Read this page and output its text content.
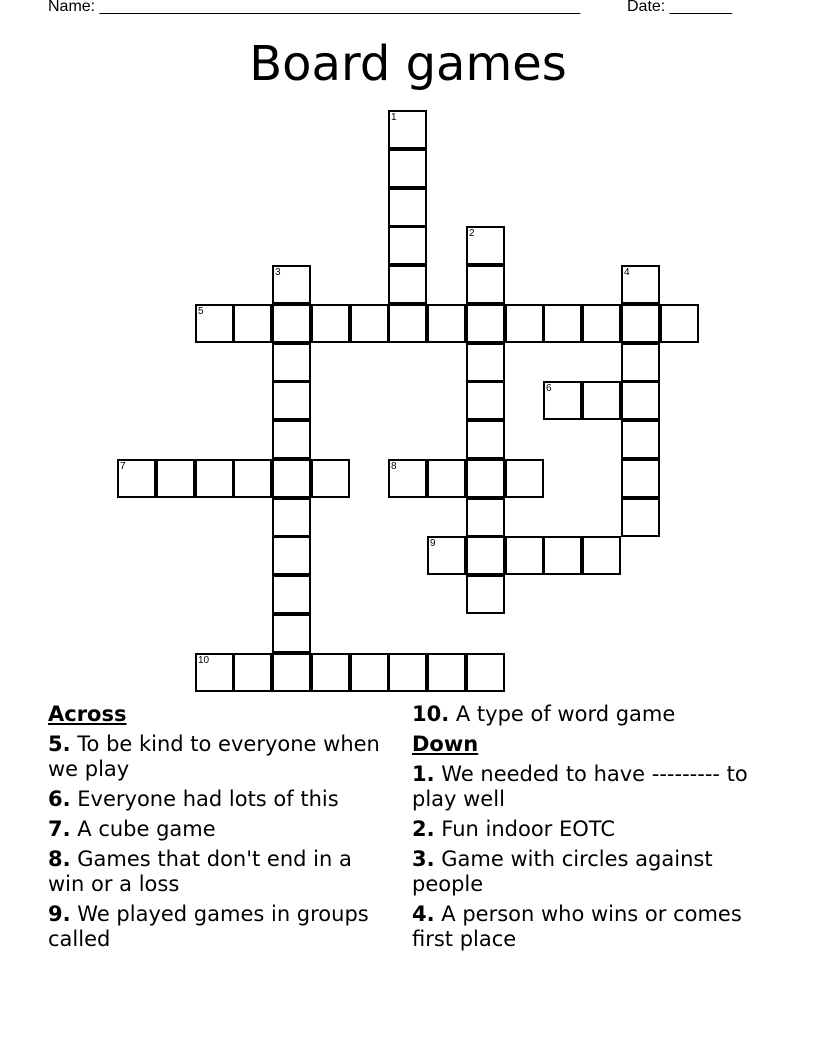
Name: ______________________________________________________	Date: _______
Board games
1
2
3	4
5
6
7	8
9
10
Across
5. To be kind to everyone when we play
6. Everyone had lots of this
7. A cube game
8. Games that don't end in a win or a loss
9. We played games in groups called
10. A type of word game
Down
1. We needed to have --------- to play well
2. Fun indoor EOTC
3. Game with circles against people
4. A person who wins or comes first place
